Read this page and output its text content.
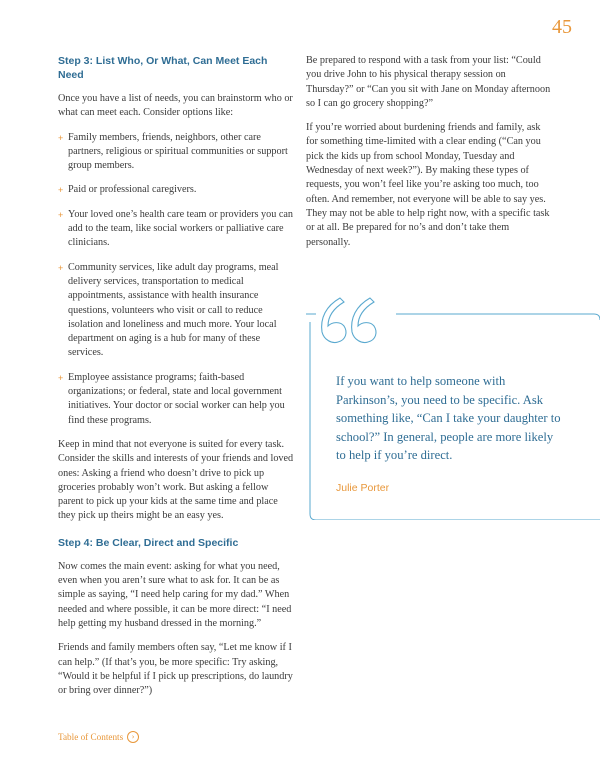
45
Step 3: List Who, Or What, Can Meet Each Need

Once you have a list of needs, you can brainstorm who or what can meet each. Consider options like:

+ Family members, friends, neighbors, other care partners, religious or spiritual communities or support group members.
+ Paid or professional caregivers.
+ Your loved one’s health care team or providers you can add to the team, like social workers or palliative care clinicians.
+ Community services, like adult day programs, meal delivery services, transportation to medical appointments, assistance with health insurance questions, volunteers who visit or call to reduce isolation and loneliness and much more. Your local department on aging is a hub for many of these services.
+ Employee assistance programs; faith-based organizations; or federal, state and local government initiatives. Your doctor or social worker can help you find these programs.

Keep in mind that not everyone is suited for every task. Consider the skills and interests of your friends and loved ones: Asking a friend who doesn’t drive to pick up groceries probably won’t work. But asking a fellow parent to pick up your kids at the same time and place they pick up theirs might be an easy yes.

Step 4: Be Clear, Direct and Specific

Now comes the main event: asking for what you need, even when you aren’t sure what to ask for. It can be as simple as saying, “I need help caring for my dad.” When needed and where possible, it can be more direct: “I need help getting my husband dressed in the morning.”

Friends and family members often say, “Let me know if I can help.” (If that’s you, be more specific: Try asking, “Would it be helpful if I pick up prescriptions, do laundry or bring over dinner?”)

Be prepared to respond with a task from your list: “Could you drive John to his physical therapy session on Thursday?” or “Can you sit with Jane on Monday afternoon so I can go grocery shopping?”

If you’re worried about burdening friends and family, ask for something time-limited with a clear ending (“Can you pick the kids up from school Monday, Tuesday and Wednesday of next week?”). By making these types of requests, you won’t feel like you’re asking too much, too often. And remember, not everyone will be able to say yes. They may not be able to help right now, with a specific task or at all. Be prepared for no’s and don’t take them personally.

If you want to help someone with Parkinson’s, you need to be specific. Ask something like, “Can I take your daughter to school?” In general, people are more likely to help if you’re direct.
Julie Porter
Table of Contents	›
